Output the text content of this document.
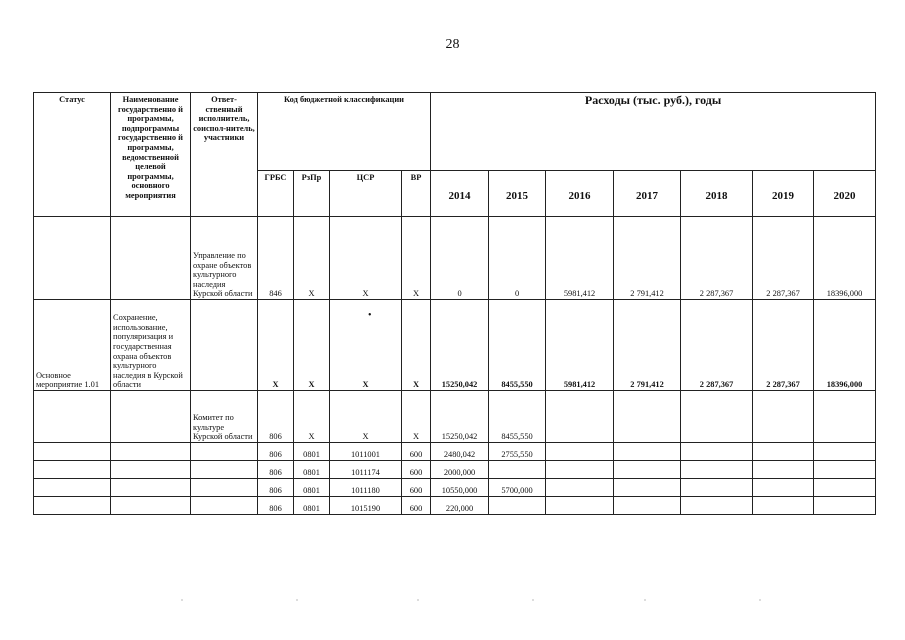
28
Статус	Наименование государственно й программы, подпрограммы государственно й программы, ведомственной целевой программы, основного мероприятия	Ответ-ственный исполнитель, соиспол-нитель, участники	Код бюджетной классификации				Расходы (тыс. руб.), годы						
			ГРБС	РзПр	ЦСР	ВР	2014	2015	2016	2017	2018	2019	2020
		Управление по охране объектов культурного наследия Курской области	846	X	X	X	0	0	5981,412	2 791,412	2 287,367	2 287,367	18396,000
Основное мероприятие 1.01	Сохранение, использование, популяризация и государственная охрана объектов культурного наследия в Курской области		X	X	X	X	15250,042	8455,550	5981,412	2 791,412	2 287,367	2 287,367	18396,000
		Комитет по культуре Курской области	806	X	X	X	15250,042	8455,550					
			806	0801	1011001	600	2480,042	2755,550					
			806	0801	1011174	600	2000,000						
			806	0801	1011180	600	10550,000	5700,000					
			806	0801	1015190	600	220,000						
•
